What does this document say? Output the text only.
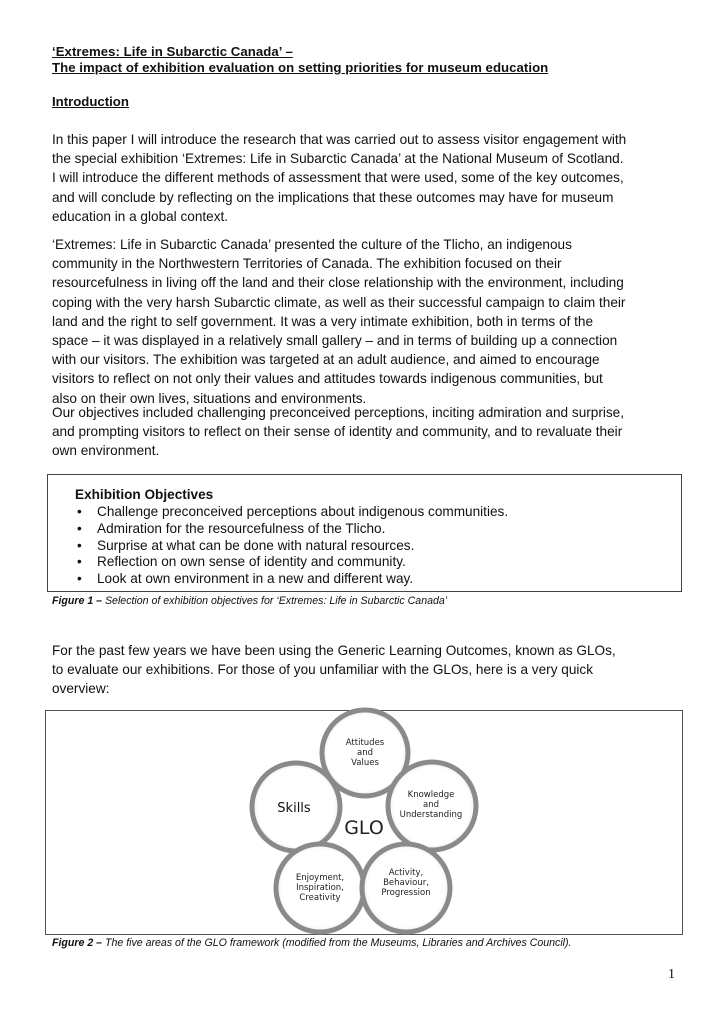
‘Extremes: Life in Subarctic Canada’ –
The impact of exhibition evaluation on setting priorities for museum education
Introduction
In this paper I will introduce the research that was carried out to assess visitor engagement with
the special exhibition ‘Extremes: Life in Subarctic Canada’ at the National Museum of Scotland.
I will introduce the different methods of assessment that were used, some of the key outcomes,
and will conclude by reflecting on the implications that these outcomes may have for museum
education in a global context.
‘Extremes: Life in Subarctic Canada’ presented the culture of the Tlicho, an indigenous
community in the Northwestern Territories of Canada. The exhibition focused on their
resourcefulness in living off the land and their close relationship with the environment, including
coping with the very harsh Subarctic climate, as well as their successful campaign to claim their
land and the right to self government. It was a very intimate exhibition, both in terms of the
space – it was displayed in a relatively small gallery – and in terms of building up a connection
with our visitors. The exhibition was targeted at an adult audience, and aimed to encourage
visitors to reflect on not only their values and attitudes towards indigenous communities, but
also on their own lives, situations and environments.
Our objectives included challenging preconceived perceptions, inciting admiration and surprise,
and prompting visitors to reflect on their sense of identity and community, and to revaluate their
own environment.
Exhibition Objectives
• Challenge preconceived perceptions about indigenous communities.
• Admiration for the resourcefulness of the Tlicho.
• Surprise at what can be done with natural resources.
• Reflection on own sense of identity and community.
• Look at own environment in a new and different way.
Figure 1 – Selection of exhibition objectives for ‘Extremes: Life in Subarctic Canada’
For the past few years we have been using the Generic Learning Outcomes, known as GLOs,
to evaluate our exhibitions. For those of you unfamiliar with the GLOs, here is a very quick
overview:
Attitudes
and
Values
Skills
Knowledge
and
Understanding
Enjoyment,
Inspiration,
Creativity
Activity,
Behaviour,
Progression
GLO
Figure 2 – The five areas of the GLO framework (modified from the Museums, Libraries and Archives Council).
1
